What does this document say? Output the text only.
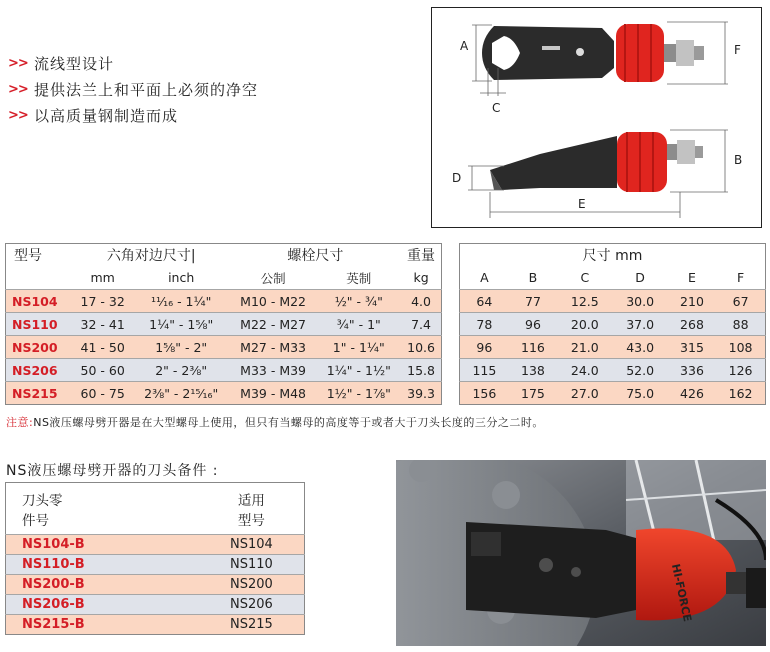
>> 流线型设计
>> 提供法兰上和平面上必须的净空
>> 以高质量钢制造而成
A	F
C
D
B
E
型号	六角对边尺寸|		螺栓尺寸		重量
	mm	inch	公制	英制	kg
NS104	17 - 32	¹¹⁄₁₆ - 1¼"	M10 - M22	½" - ¾"	4.0
NS110	32 - 41	1¼" - 1⅝"	M22 - M27	¾" - 1"	7.4
NS200	41 - 50	1⅝" - 2"	M27 - M33	1" - 1¼"	10.6
NS206	50 - 60	2" - 2⅜"	M33 - M39	1¼" - 1½"	15.8
NS215	60 - 75	2⅜" - 2¹⁵⁄₁₆"	M39 - M48	1½" - 1⅞"	39.3
尺寸 mm					
A	B	C	D	E	F
64	77	12.5	30.0	210	67
78	96	20.0	37.0	268	88
96	116	21.0	43.0	315	108
115	138	24.0	52.0	336	126
156	175	27.0	75.0	426	162
注意:NS液压螺母劈开器是在大型螺母上使用，但只有当螺母的高度等于或者大于刀头长度的三分之二时。
NS液压螺母劈开器的刀头备件 :
刀头零	适用
件号	型号
NS104-B	NS104
NS110-B	NS110
NS200-B	NS200
NS206-B	NS206
NS215-B	NS215
HI-FORCE
